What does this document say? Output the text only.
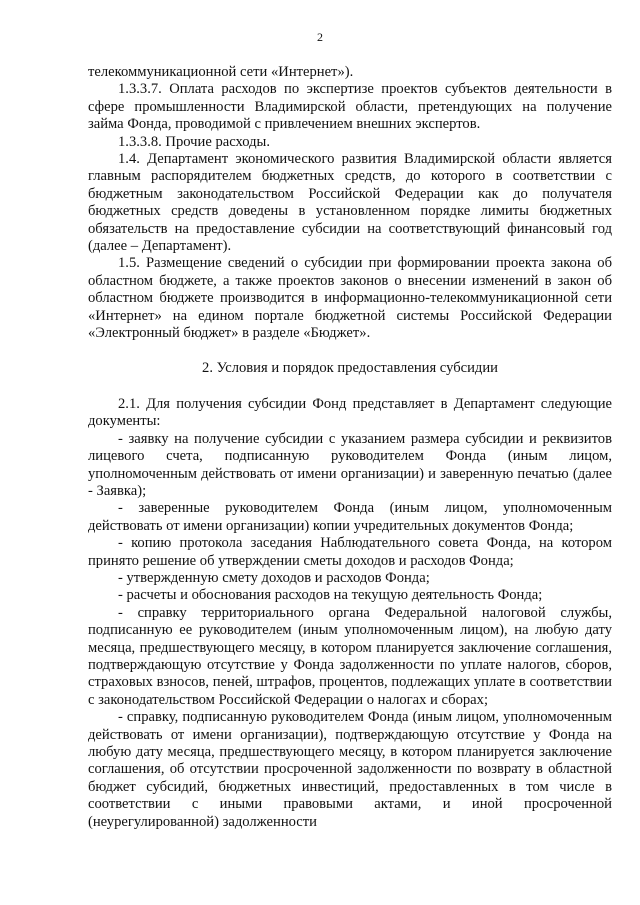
2

телекоммуникационной сети «Интернет»).

1.3.3.7. Оплата расходов по экспертизе проектов субъектов деятельности в сфере промышленности Владимирской области, претендующих на получение займа Фонда, проводимой с привлечением внешних экспертов.

1.3.3.8. Прочие расходы.

1.4. Департамент экономического развития Владимирской области является главным распорядителем бюджетных средств, до которого в соответствии с бюджетным законодательством Российской Федерации как до получателя бюджетных средств доведены в установленном порядке лимиты бюджетных обязательств на предоставление субсидии на соответствующий финансовый год (далее – Департамент).

1.5. Размещение сведений о субсидии при формировании проекта закона об областном бюджете, а также проектов законов о внесении изменений в закон об областном бюджете производится в информационно-телекоммуникационной сети «Интернет» на едином портале бюджетной системы Российской Федерации «Электронный бюджет» в разделе «Бюджет».

2. Условия и порядок предоставления субсидии

2.1. Для получения субсидии Фонд представляет в Департамент следующие документы:

- заявку на получение субсидии с указанием размера субсидии и реквизитов лицевого счета, подписанную руководителем Фонда (иным лицом, уполномоченным действовать от имени организации) и заверенную печатью (далее - Заявка);

- заверенные руководителем Фонда (иным лицом, уполномоченным действовать от имени организации) копии учредительных документов Фонда;

- копию протокола заседания Наблюдательного совета Фонда, на котором принято решение об утверждении сметы доходов и расходов Фонда;

- утвержденную смету доходов и расходов Фонда;

- расчеты и обоснования расходов на текущую деятельность Фонда;

- справку территориального органа Федеральной налоговой службы, подписанную ее руководителем (иным уполномоченным лицом), на любую дату месяца, предшествующего месяцу, в котором планируется заключение соглашения, подтверждающую отсутствие у Фонда задолженности по уплате налогов, сборов, страховых взносов, пеней, штрафов, процентов, подлежащих уплате в соответствии с законодательством Российской Федерации о налогах и сборах;

- справку, подписанную руководителем Фонда (иным лицом, уполномоченным действовать от имени организации), подтверждающую отсутствие у Фонда на любую дату месяца, предшествующего месяцу, в котором планируется заключение соглашения, об отсутствии просроченной задолженности по возврату в областной бюджет субсидий, бюджетных инвестиций, предоставленных в том числе в соответствии с иными правовыми актами, и иной просроченной (неурегулированной) задолженности
